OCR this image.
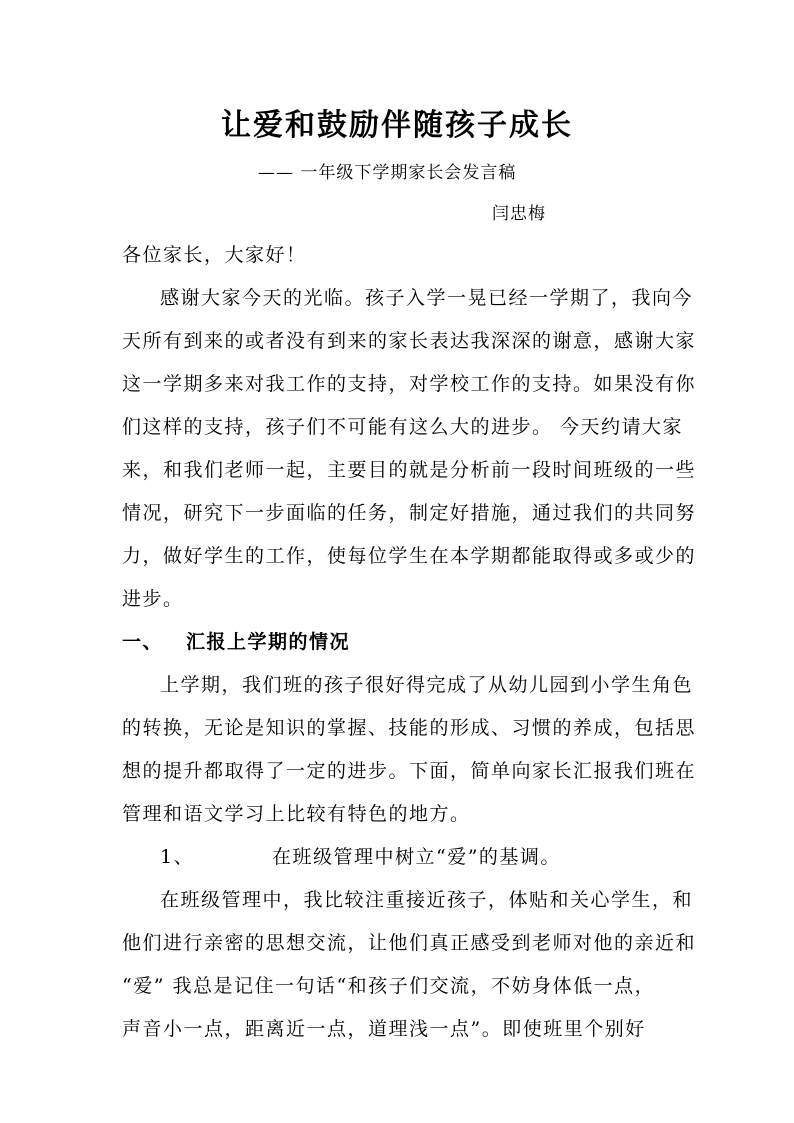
让爱和鼓励伴随孩子成长
—— 一年级下学期家长会发言稿
闫忠梅
各位家长，大家好！
感谢大家今天的光临。孩子入学一晃已经一学期了，我向今
天所有到来的或者没有到来的家长表达我深深的谢意，感谢大家
这一学期多来对我工作的支持，对学校工作的支持。如果没有你
们这样的支持，孩子们不可能有这么大的进步。 今天约请大家
来，和我们老师一起，主要目的就是分析前一段时间班级的一些
情况，研究下一步面临的任务，制定好措施，通过我们的共同努
力，做好学生的工作，使每位学生在本学期都能取得或多或少的
进步。
一、	汇报上学期的情况
上学期，我们班的孩子很好得完成了从幼儿园到小学生角色
的转换，无论是知识的掌握、技能的形成、习惯的养成，包括思
想的提升都取得了一定的进步。下面，简单向家长汇报我们班在
管理和语文学习上比较有特色的地方。
1、	在班级管理中树立“爱”的基调。
在班级管理中，我比较注重接近孩子，体贴和关心学生，和
他们进行亲密的思想交流，让他们真正感受到老师对他的亲近和
“爱” 我总是记住一句话“和孩子们交流，不妨身体低一点，
声音小一点，距离近一点，道理浅一点”。即使班里个别好
